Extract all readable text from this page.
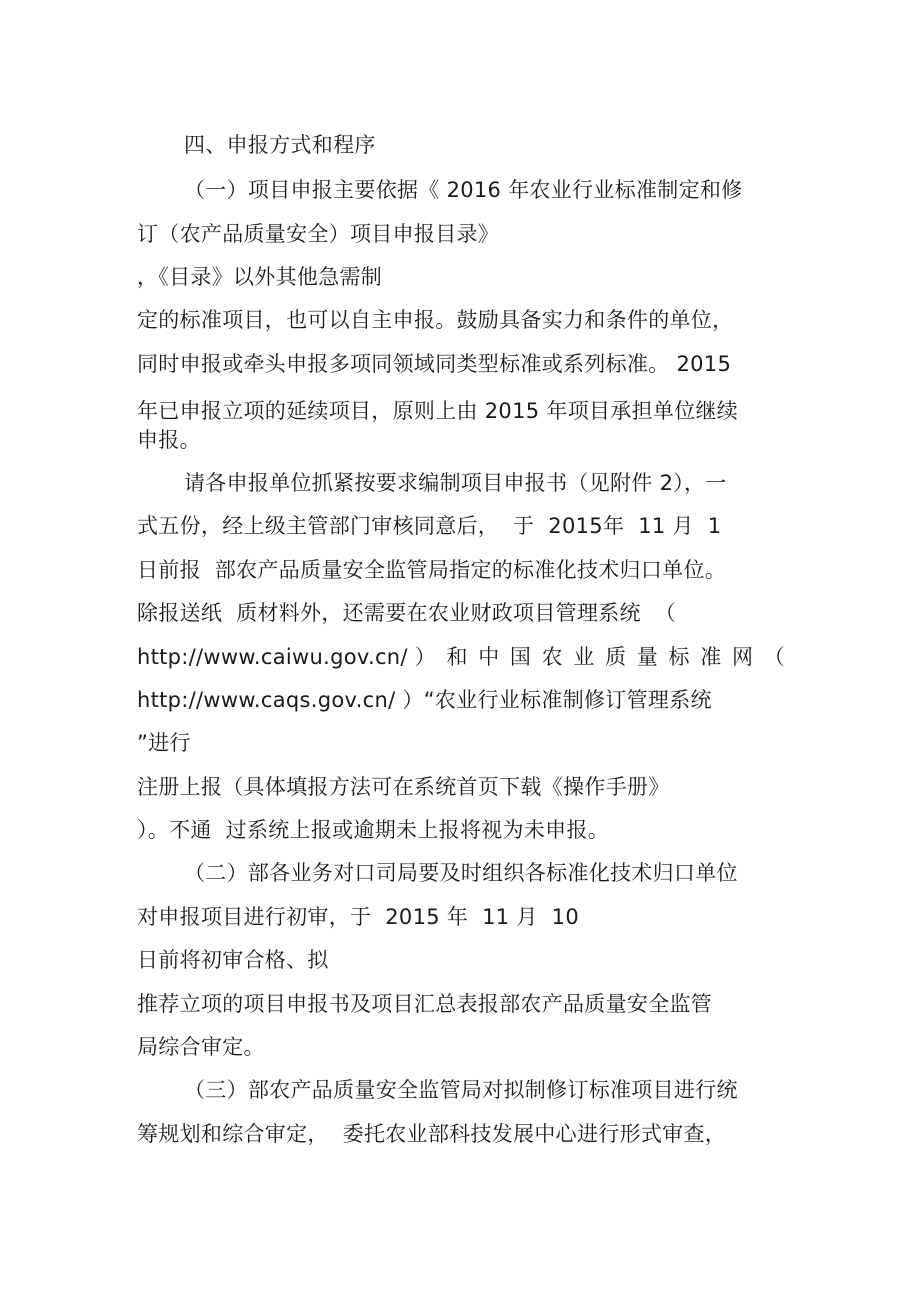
四、申报方式和程序
（一）项目申报主要依据《 2016 年农业行业标准制定和修
订（农产品质量安全）项目申报目录》
，《目录》以外其他急需制
定的标准项目，也可以自主申报。鼓励具备实力和条件的单位，
同时申报或牵头申报多项同领域同类型标准或系列标准。 2015
年已申报立项的延续项目，原则上由 2015 年项目承担单位继续
申报。
请各申报单位抓紧按要求编制项目申报书（见附件 2），一
式五份，经上级主管部门审核同意后，  于  2015年  11 月  1
日前报  部农产品质量安全监管局指定的标准化技术归口单位。
除报送纸  质材料外，还需要在农业财政项目管理系统  （
http://www.caiwu.gov.cn/ ） 和 中 国 农 业 质 量 标 准 网 （
http://www.caqs.gov.cn/ ）“农业行业标准制修订管理系统
”进行
注册上报（具体填报方法可在系统首页下载《操作手册》
）。不通  过系统上报或逾期未上报将视为未申报。
（二）部各业务对口司局要及时组织各标准化技术归口单位
对申报项目进行初审，于  2015 年  11 月  10
日前将初审合格、拟
推荐立项的项目申报书及项目汇总表报部农产品质量安全监管
局综合审定。
（三）部农产品质量安全监管局对拟制修订标准项目进行统
筹规划和综合审定，  委托农业部科技发展中心进行形式审查，
